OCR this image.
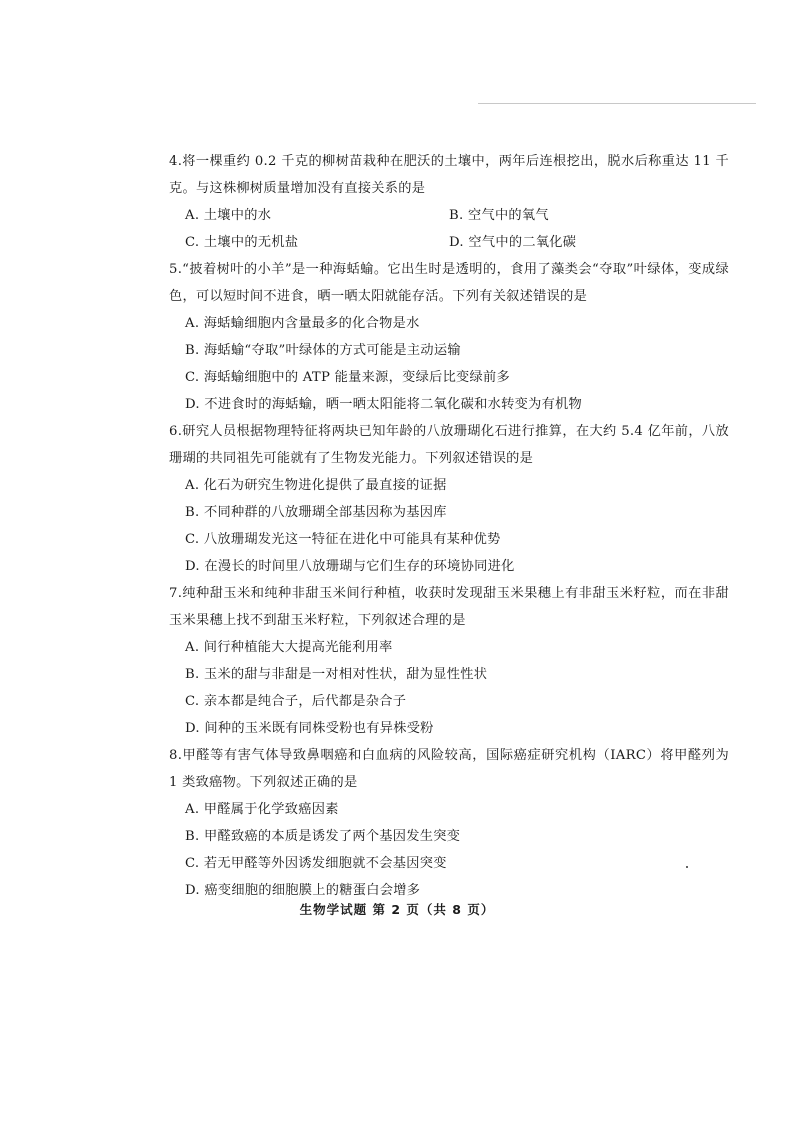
4.将一棵重约 0.2 千克的柳树苗栽种在肥沃的土壤中，两年后连根挖出，脱水后称重达 11 千克。与这株柳树质量增加没有直接关系的是
A. 土壤中的水	B. 空气中的氧气
C. 土壤中的无机盐	D. 空气中的二氧化碳
5.“披着树叶的小羊”是一种海蛞蝓。它出生时是透明的，食用了藻类会“夺取”叶绿体，变成绿色，可以短时间不进食，晒一晒太阳就能存活。下列有关叙述错误的是
A. 海蛞蝓细胞内含量最多的化合物是水
B. 海蛞蝓“夺取”叶绿体的方式可能是主动运输
C. 海蛞蝓细胞中的 ATP 能量来源，变绿后比变绿前多
D. 不进食时的海蛞蝓，晒一晒太阳能将二氧化碳和水转变为有机物
6.研究人员根据物理特征将两块已知年龄的八放珊瑚化石进行推算，在大约 5.4 亿年前，八放珊瑚的共同祖先可能就有了生物发光能力。下列叙述错误的是
A. 化石为研究生物进化提供了最直接的证据
B. 不同种群的八放珊瑚全部基因称为基因库
C. 八放珊瑚发光这一特征在进化中可能具有某种优势
D. 在漫长的时间里八放珊瑚与它们生存的环境协同进化
7.纯种甜玉米和纯种非甜玉米间行种植，收获时发现甜玉米果穗上有非甜玉米籽粒，而在非甜玉米果穗上找不到甜玉米籽粒，下列叙述合理的是
A. 间行种植能大大提高光能利用率
B. 玉米的甜与非甜是一对相对性状，甜为显性性状
C. 亲本都是纯合子，后代都是杂合子
D. 间种的玉米既有同株受粉也有异株受粉
8.甲醛等有害气体导致鼻咽癌和白血病的风险较高，国际癌症研究机构（IARC）将甲醛列为 1 类致癌物。下列叙述正确的是
A. 甲醛属于化学致癌因素
B. 甲醛致癌的本质是诱发了两个基因发生突变
C. 若无甲醛等外因诱发细胞就不会基因突变
D. 癌变细胞的细胞膜上的糖蛋白会增多
生物学试题 第 2 页（共 8 页）
